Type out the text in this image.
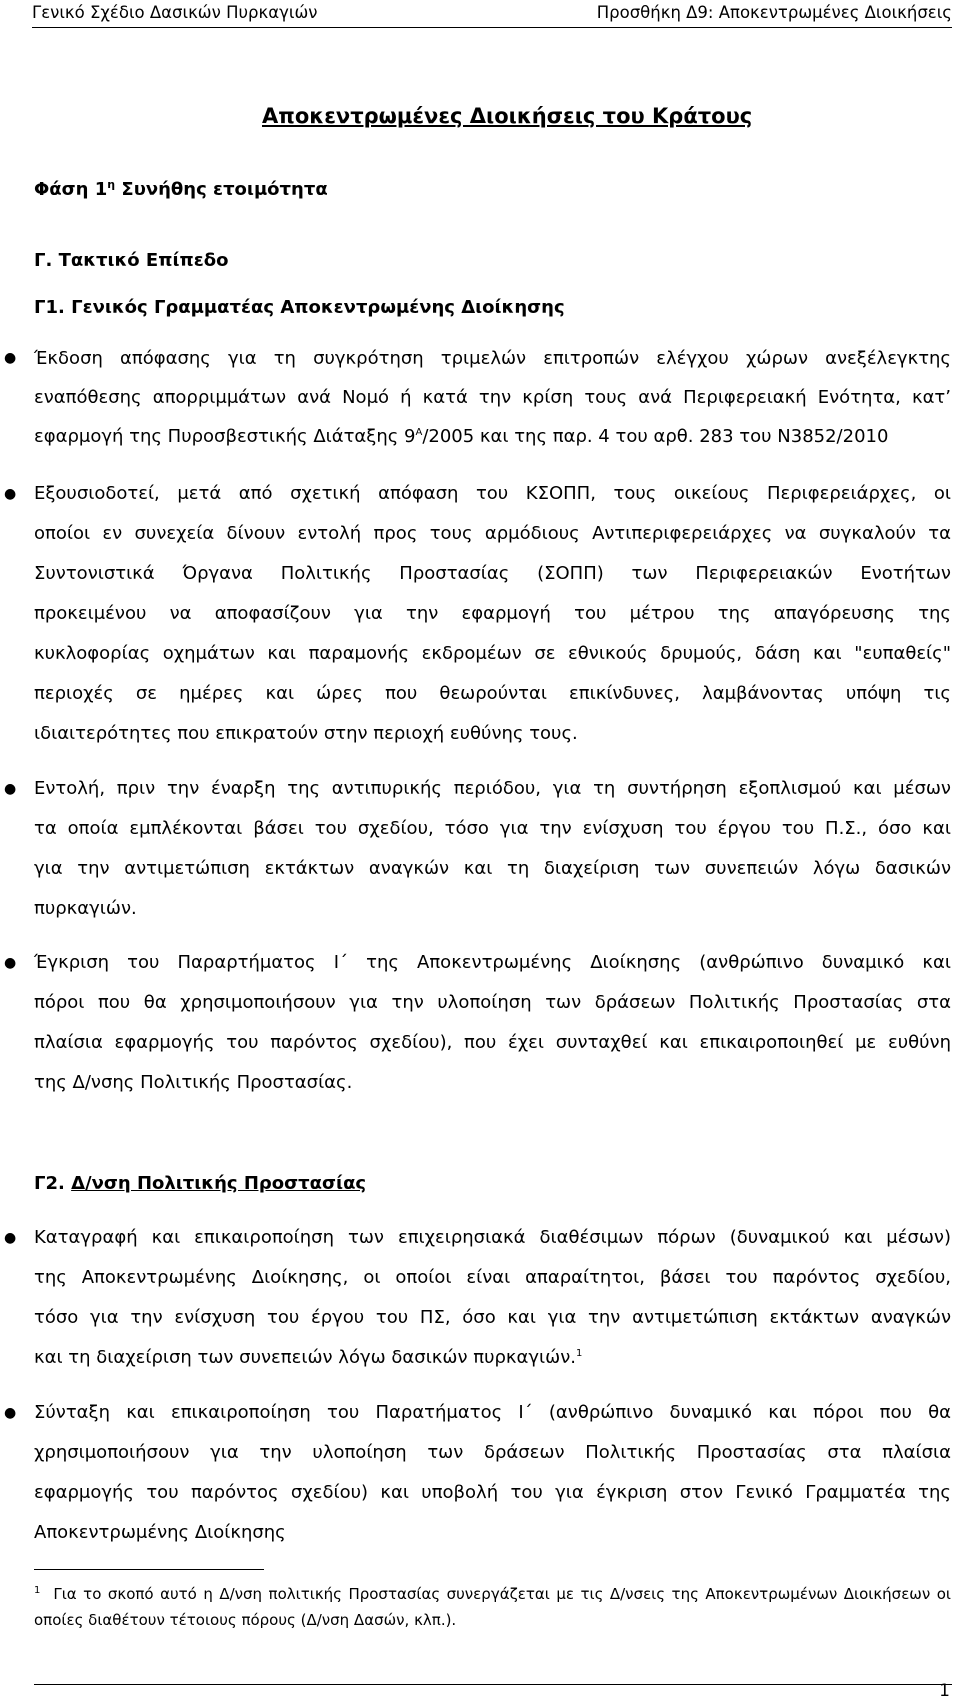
Γενικό Σχέδιο Δασικών Πυρκαγιών	Προσθήκη Δ9: Αποκεντρωμένες Διοικήσεις
Αποκεντρωμένες Διοικήσεις του Κράτους
Φάση $1^\eta$ Συνήθης ετοιμότητα
Γ. Τακτικό Επίπεδο
Γ1. Γενικός Γραμματέας Αποκεντρωμένης Διοίκησης
● Έκδοση απόφασης για τη συγκρότηση τριμελών επιτροπών ελέγχου χώρων ανεξέλεγκτης
εναπόθεσης απορριμμάτων ανά Νομό ή κατά την κρίση τους ανά Περιφερειακή Ενότητα, κατ’
εφαρμογή της Πυροσβεστικής Διάταξης $9^A/2005$ και της παρ. 4 του αρθ. 283 του Ν3852/2010
● Εξουσιοδοτεί, μετά από σχετική απόφαση του ΚΣΟΠΠ, τους οικείους Περιφερειάρχες, οι
οποίοι εν συνεχεία δίνουν εντολή προς τους αρμόδιους Αντιπεριφερειάρχες να συγκαλούν τα
Συντονιστικά Όργανα Πολιτικής Προστασίας (ΣΟΠΠ) των Περιφερειακών Ενοτήτων
προκειμένου να αποφασίζουν για την εφαρμογή του μέτρου της απαγόρευσης της
κυκλοφορίας οχημάτων και παραμονής εκδρομέων σε εθνικούς δρυμούς, δάση και "ευπαθείς"
περιοχές σε ημέρες και ώρες που θεωρούνται επικίνδυνες, λαμβάνοντας υπόψη τις
ιδιαιτερότητες που επικρατούν στην περιοχή ευθύνης τους.
● Εντολή, πριν την έναρξη της αντιπυρικής περιόδου, για τη συντήρηση εξοπλισμού και μέσων
τα οποία εμπλέκονται βάσει του σχεδίου, τόσο για την ενίσχυση του έργου του Π.Σ., όσο και
για την αντιμετώπιση εκτάκτων αναγκών και τη διαχείριση των συνεπειών λόγω δασικών
πυρκαγιών.
● Έγκριση του Παραρτήματος Ι΄ της Αποκεντρωμένης Διοίκησης (ανθρώπινο δυναμικό και
πόροι που θα χρησιμοποιήσουν για την υλοποίηση των δράσεων Πολιτικής Προστασίας στα
πλαίσια εφαρμογής του παρόντος σχεδίου), που έχει συνταχθεί και επικαιροποιηθεί με ευθύνη
της Δ/νσης Πολιτικής Προστασίας.
Γ2. Δ/νση Πολιτικής Προστασίας
● Καταγραφή και επικαιροποίηση των επιχειρησιακά διαθέσιμων πόρων (δυναμικού και μέσων)
της Αποκεντρωμένης Διοίκησης, οι οποίοι είναι απαραίτητοι, βάσει του παρόντος σχεδίου,
τόσο για την ενίσχυση του έργου του ΠΣ, όσο και για την αντιμετώπιση εκτάκτων αναγκών
και τη διαχείριση των συνεπειών λόγω δασικών πυρκαγιών.$^1$
● Σύνταξη και επικαιροποίηση του Παρατήματος Ι΄ (ανθρώπινο δυναμικό και πόροι που θα
χρησιμοποιήσουν για την υλοποίηση των δράσεων Πολιτικής Προστασίας στα πλαίσια
εφαρμογής του παρόντος σχεδίου) και υποβολή του για έγκριση στον Γενικό Γραμματέα της
Αποκεντρωμένης Διοίκησης
$^1$ Για το σκοπό αυτό η Δ/νση πολιτικής Προστασίας συνεργάζεται με τις Δ/νσεις της Αποκεντρωμένων Διοικήσεων οι
οποίες διαθέτουν τέτοιους πόρους (Δ/νση Δασών, κλπ.).
1
